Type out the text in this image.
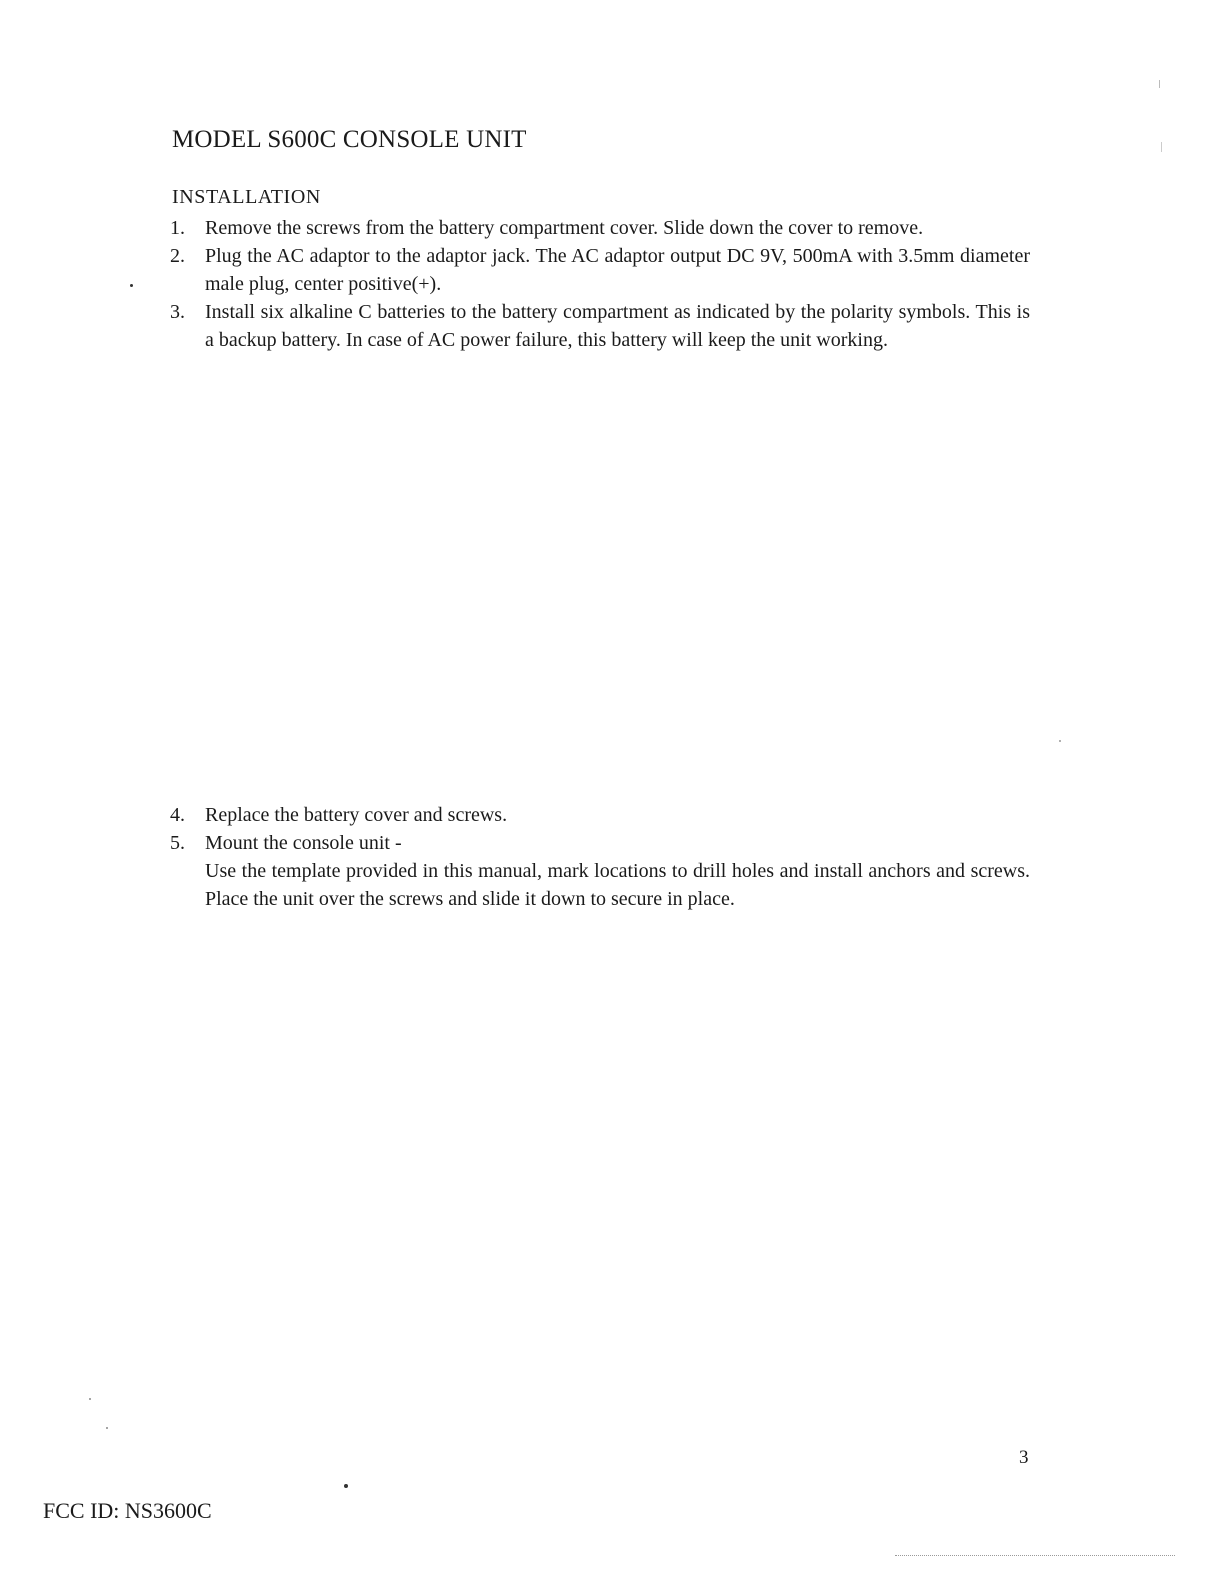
MODEL S600C CONSOLE UNIT
INSTALLATION
1. Remove the screws from the battery compartment cover. Slide down the cover to remove.
2. Plug the AC adaptor to the adaptor jack. The AC adaptor output DC 9V, 500mA with 3.5mm diameter male plug, center positive(+).
3. Install six alkaline C batteries to the battery compartment as indicated by the polarity symbols. This is a backup battery. In case of AC power failure, this battery will keep the unit working.
4. Replace the battery cover and screws.
5. Mount the console unit -
Use the template provided in this manual, mark locations to drill holes and install anchors and screws. Place the unit over the screws and slide it down to secure in place.
3
FCC ID: NS3600C
